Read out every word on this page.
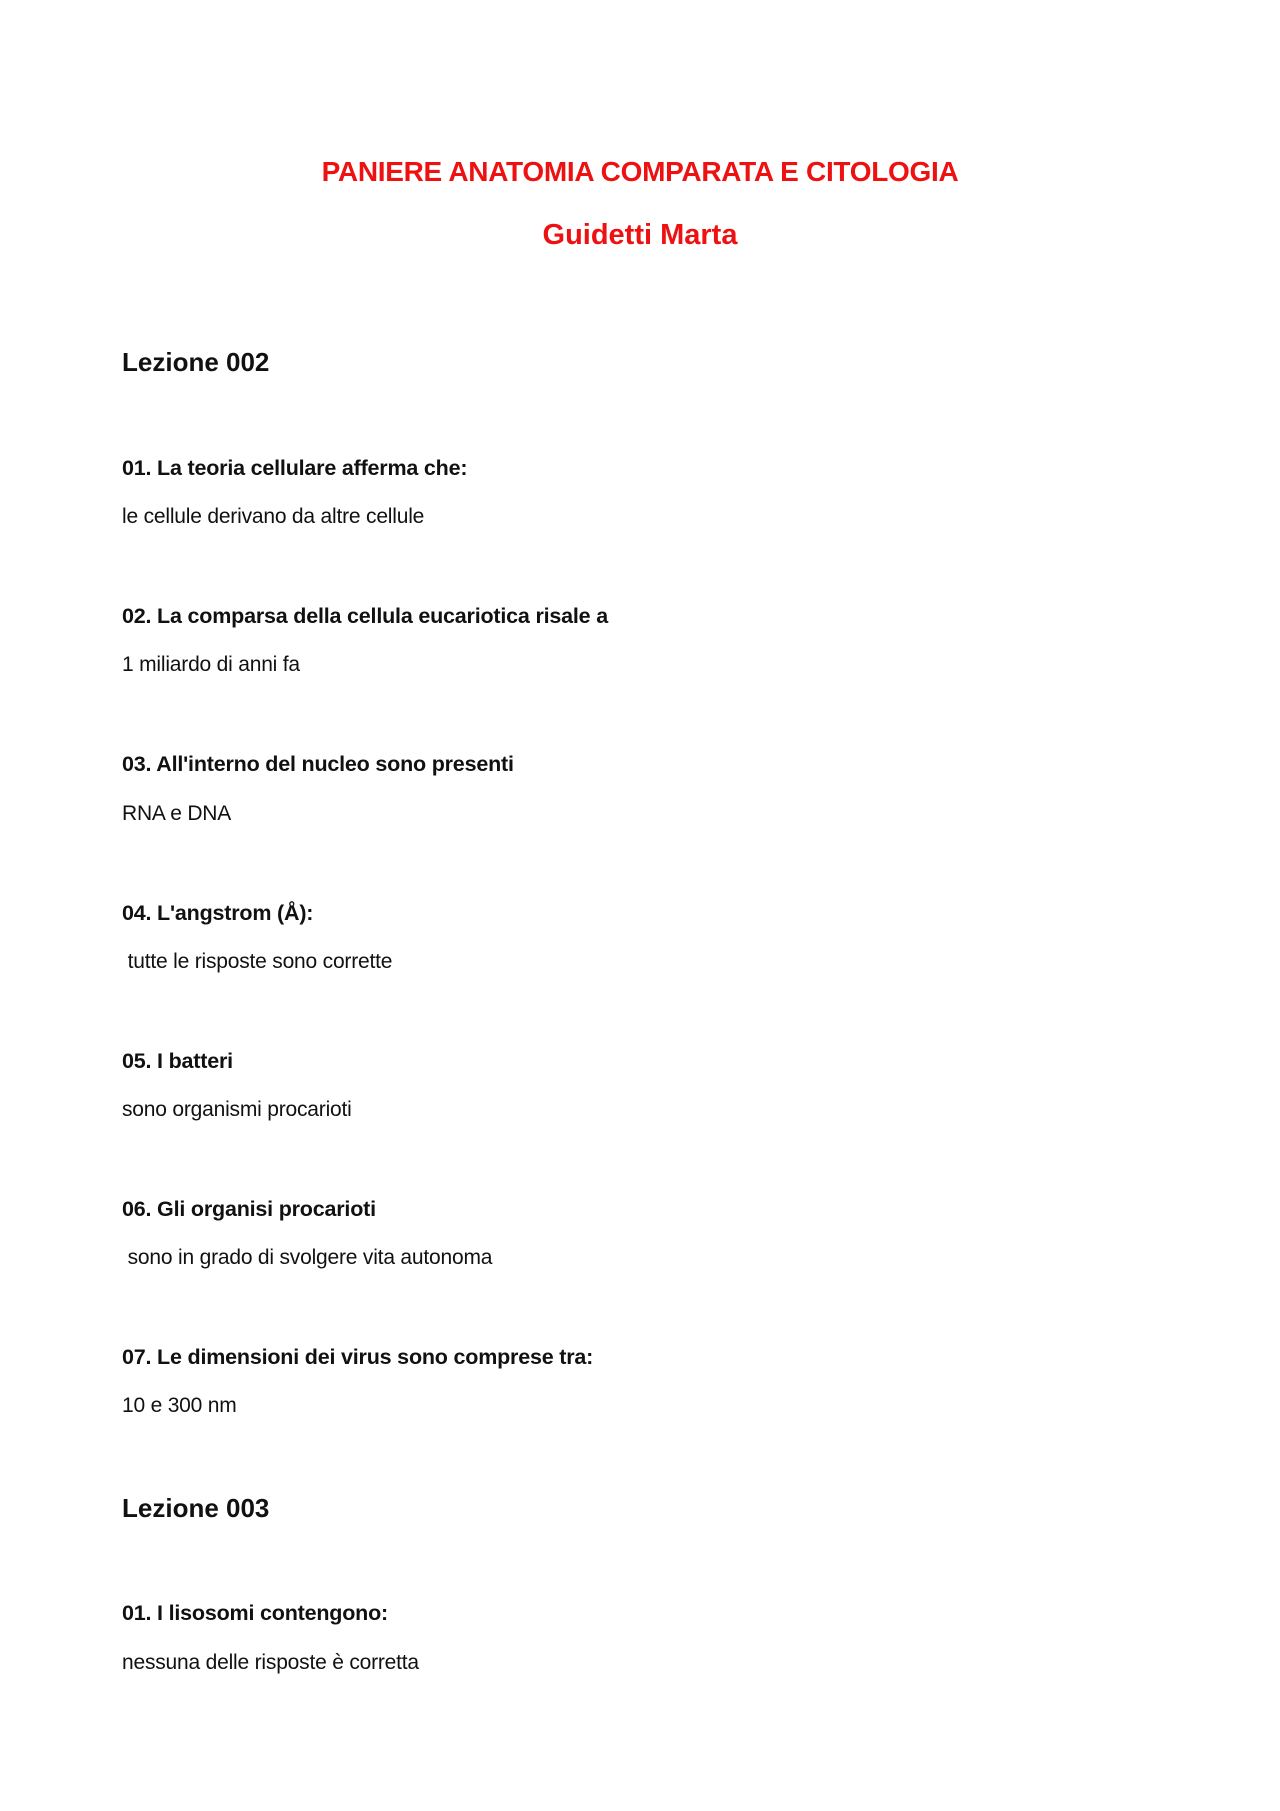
PANIERE ANATOMIA COMPARATA E CITOLOGIA
Guidetti Marta
Lezione 002
01. La teoria cellulare afferma che:
le cellule derivano da altre cellule
02. La comparsa della cellula eucariotica risale a
1 miliardo di anni fa
03. All'interno del nucleo sono presenti
RNA e DNA
04. L'angstrom (Å):
tutte le risposte sono corrette
05. I batteri
sono organismi procarioti
06. Gli organisi procarioti
sono in grado di svolgere vita autonoma
07. Le dimensioni dei virus sono comprese tra:
10 e 300 nm
Lezione 003
01. I lisosomi contengono:
nessuna delle risposte è corretta
